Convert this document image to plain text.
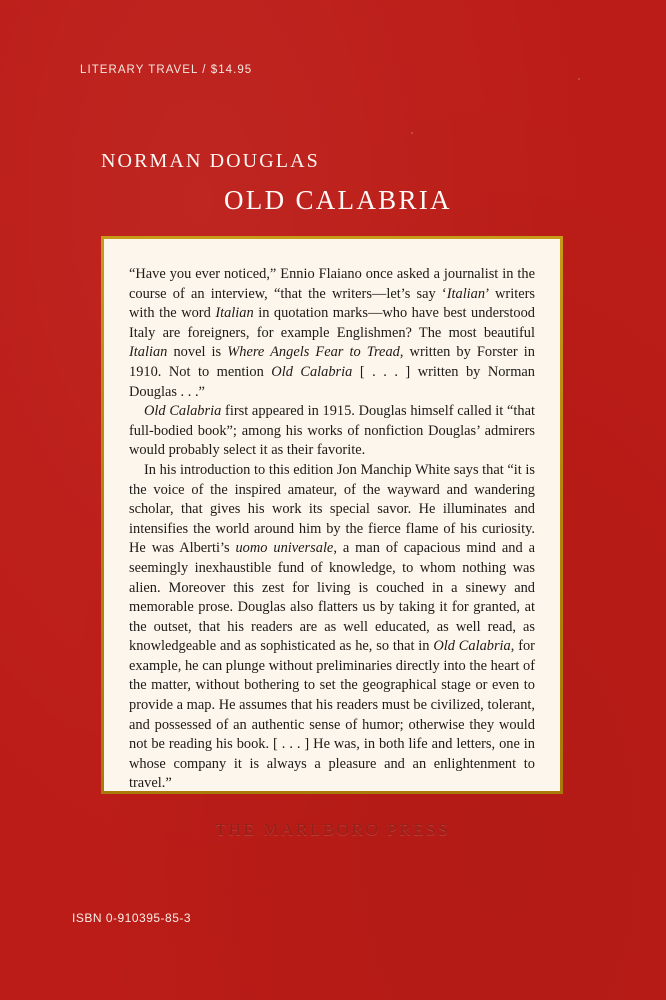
LITERARY TRAVEL / $14.95
NORMAN DOUGLAS
OLD CALABRIA

“Have you ever noticed,” Ennio Flaiano once asked a journalist in the course of an interview, “that the writers—let’s say ‘Italian’ writers with the word Italian in quotation marks—who have best understood Italy are foreigners, for example Englishmen? The most beautiful Italian novel is Where Angels Fear to Tread, written by Forster in 1910. Not to mention Old Calabria [ . . . ] written by Norman Douglas . . .”

Old Calabria first appeared in 1915. Douglas himself called it “that full-bodied book”; among his works of nonfiction Douglas’ admirers would probably select it as their favorite.

In his introduction to this edition Jon Manchip White says that “it is the voice of the inspired amateur, of the wayward and wandering scholar, that gives his work its special savor. He illuminates and intensifies the world around him by the fierce flame of his curiosity. He was Alberti’s uomo universale, a man of capacious mind and a seemingly inexhaustible fund of knowledge, to whom nothing was alien. Moreover this zest for living is couched in a sinewy and memorable prose. Douglas also flatters us by taking it for granted, at the outset, that his readers are as well educated, as well read, as knowledgeable and as sophisticated as he, so that in Old Calabria, for example, he can plunge without preliminaries directly into the heart of the matter, without bothering to set the geographical stage or even to provide a map. He assumes that his readers must be civilized, tolerant, and possessed of an authentic sense of humor; otherwise they would not be reading his book. [ . . . ] He was, in both life and letters, one in whose company it is always a pleasure and an enlightenment to travel.”

THE MARLBORO PRESS
ISBN 0-910395-85-3
